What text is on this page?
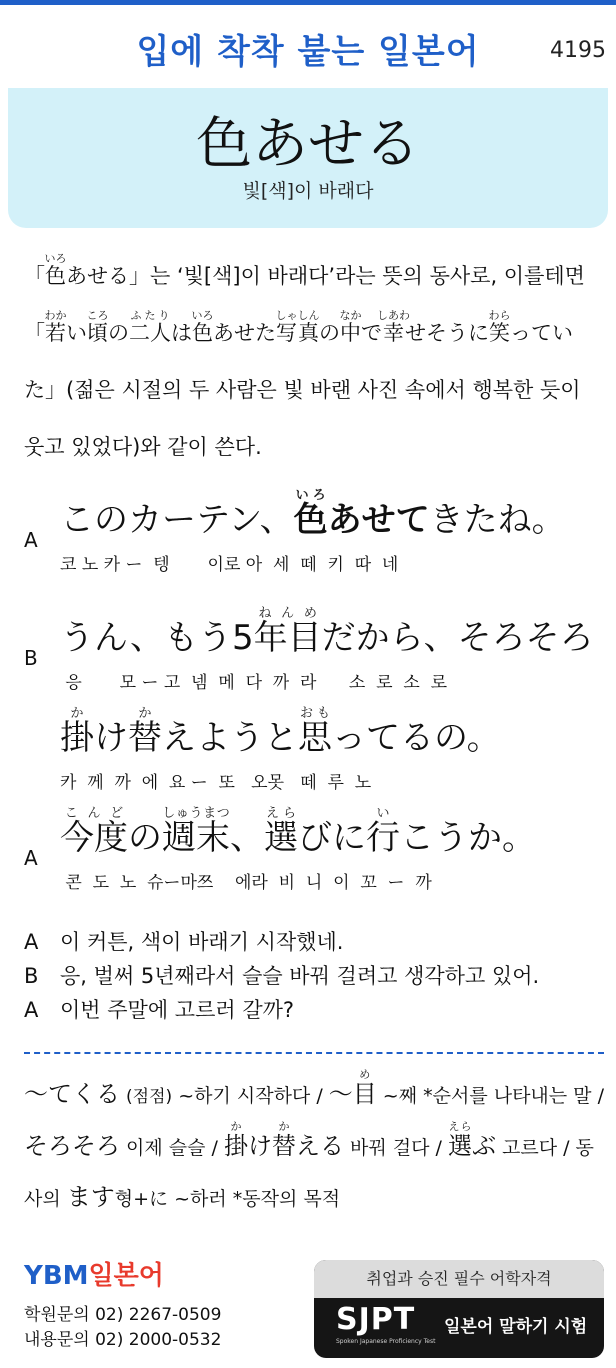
입에 착착 붙는 일본어	4195
色あせる
빛[색]이 바래다

「色いろあせる」는 ‘빛[색]이 바래다’라는 뜻의 동사로, 이를테면 「若わかい頃ころの二人ふたりは色いろあせた写真しゃしんの中なかで幸しあわせそうに笑わらっていた」(젊은 시절의 두 사람은 빛 바랜 사진 속에서 행복한 듯이 웃고 있었다)와 같이 쓴다.

A このカーテン、色いろあせてきたね。
코 노 카 ー  텡       이로 아  세  떼  키  따  네
B うん、もう5年目ねんめだから、そろそろ
응       모 ー 고  넴  메  다  까  라      소  로  소  로
掛かけ替かえようと思おもってるの。
카  께  까  에  요 ー  또   오못   떼  루  노
A 今度こんどの週末しゅうまつ、選えらびに行いこうか。
콘  도  노  슈ー마쯔    에라  비  니  이  꼬  ー  까
A 이 커튼, 색이 바래기 시작했네.
B 응, 벌써 5년째라서 슬슬 바꿔 걸려고 생각하고 있어.
A 이번 주말에 고르러 갈까?

〜てくる (점점) ~하기 시작하다 / 〜目め ~째 *순서를 나타내는 말 / そろそろ 이제 슬슬 / 掛かけ替かえる 바꿔 걸다 / 選えらぶ 고르다 / 동사의 ます형+に ~하러 *동작의 목적

YBM일본어
학원문의 02) 2267-0509
내용문의 02) 2000-0532
취업과 승진 필수 어학자격
SJPT
Spoken Japanese Proficiency Test
일본어 말하기 시험
